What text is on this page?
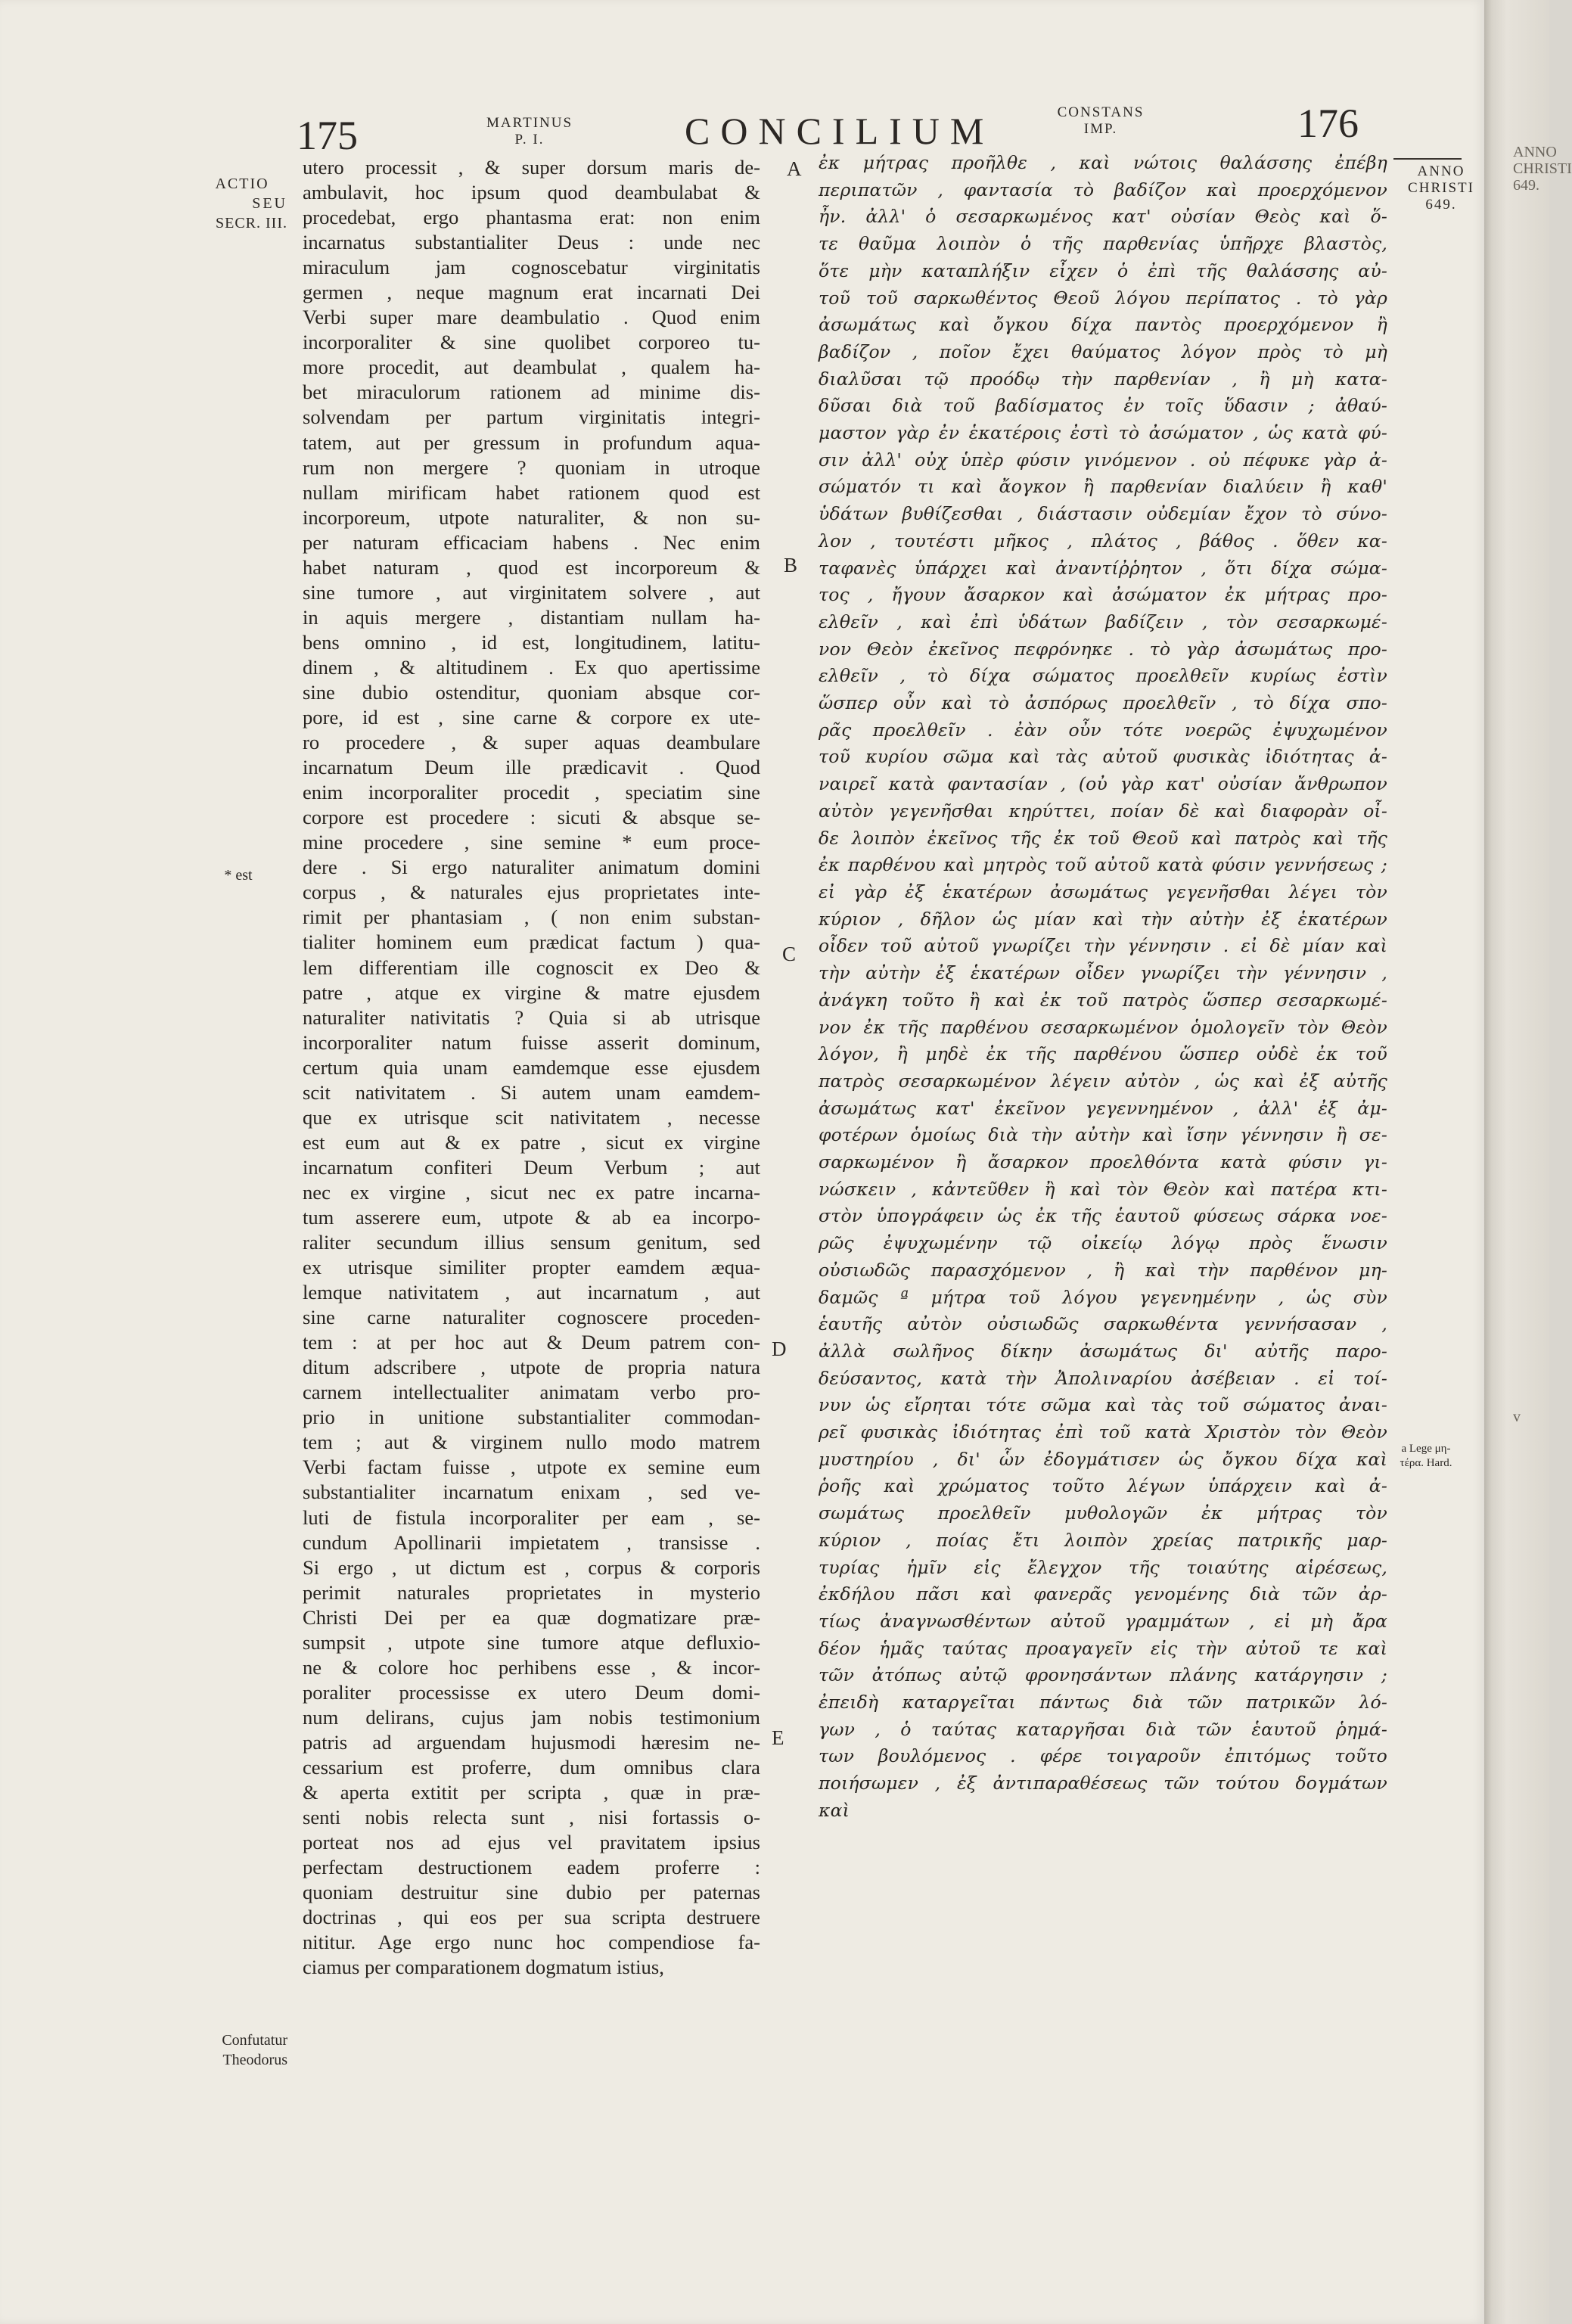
ANNO
CHRISTI
649.
v
175	MARTINUS
P. I.	CONCILIUM	CONSTANS
IMP.	176
ANNO
CHRISTI
649.
ACTIO
SEU
SECR. III.
* est
Confutatur
Theodorus
A
B
C
D
E
a Lege μη-
τέρα. Hard.
utero processit , & super dorsum maris de-
ambulavit, hoc ipsum quod deambulabat &
procedebat, ergo phantasma erat: non enim
incarnatus substantialiter Deus : unde nec
miraculum jam cognoscebatur virginitatis
germen , neque magnum erat incarnati Dei
Verbi super mare deambulatio . Quod enim
incorporaliter & sine quolibet corporeo tu-
more procedit, aut deambulat , qualem ha-
bet miraculorum rationem ad minime dis-
solvendam per partum virginitatis integri-
tatem, aut per gressum in profundum aqua-
rum non mergere ? quoniam in utroque
nullam mirificam habet rationem quod est
incorporeum, utpote naturaliter, & non su-
per naturam efficaciam habens . Nec enim
habet naturam , quod est incorporeum &
sine tumore , aut virginitatem solvere , aut
in aquis mergere , distantiam nullam ha-
bens omnino , id est, longitudinem, latitu-
dinem , & altitudinem . Ex quo apertissime
sine dubio ostenditur, quoniam absque cor-
pore, id est , sine carne & corpore ex ute-
ro procedere , & super aquas deambulare
incarnatum Deum ille prædicavit . Quod
enim incorporaliter procedit , speciatim sine
corpore est procedere : sicuti & absque se-
mine procedere , sine semine * eum proce-
dere . Si ergo naturaliter animatum domini
corpus , & naturales ejus proprietates inte-
rimit per phantasiam , ( non enim substan-
tialiter hominem eum prædicat factum ) qua-
lem differentiam ille cognoscit ex Deo &
patre , atque ex virgine & matre ejusdem
naturaliter nativitatis ? Quia si ab utrisque
incorporaliter natum fuisse asserit dominum,
certum quia unam eamdemque esse ejusdem
scit nativitatem . Si autem unam eamdem-
que ex utrisque scit nativitatem , necesse
est eum aut & ex patre , sicut ex virgine
incarnatum confiteri Deum Verbum ; aut
nec ex virgine , sicut nec ex patre incarna-
tum asserere eum, utpote & ab ea incorpo-
raliter secundum illius sensum genitum, sed
ex utrisque similiter propter eamdem æqua-
lemque nativitatem , aut incarnatum , aut
sine carne naturaliter cognoscere proceden-
tem : at per hoc aut & Deum patrem con-
ditum adscribere , utpote de propria natura
carnem intellectualiter animatam verbo pro-
prio in unitione substantialiter commodan-
tem ; aut & virginem nullo modo matrem
Verbi factam fuisse , utpote ex semine eum
substantialiter incarnatum enixam , sed ve-
luti de fistula incorporaliter per eam , se-
cundum Apollinarii impietatem , transisse .
Si ergo , ut dictum est , corpus & corporis
perimit naturales proprietates in mysterio
Christi Dei per ea quæ dogmatizare præ-
sumpsit , utpote sine tumore atque defluxio-
ne & colore hoc perhibens esse , & incor-
poraliter processisse ex utero Deum domi-
num delirans, cujus jam nobis testimonium
patris ad arguendam hujusmodi hæresim ne-
cessarium est proferre, dum omnibus clara
& aperta extitit per scripta , quæ in præ-
senti nobis relecta sunt , nisi fortassis o-
porteat nos ad ejus vel pravitatem ipsius
perfectam destructionem eadem proferre :
quoniam destruitur sine dubio per paternas
doctrinas , qui eos per sua scripta destruere
nititur. Age ergo nunc hoc compendiose fa-
ciamus per comparationem dogmatum istius,
ἐκ μήτρας προῆλθε , καὶ νώτοις θαλάσσης ἐπέβη
περιπατῶν , φαντασία τὸ βαδίζον καὶ προερχόμενον
ἦν. ἀλλ' ὁ σεσαρκωμένος κατ' οὐσίαν Θεὸς καὶ ὅ-
τε θαῦμα λοιπὸν ὁ τῆς παρθενίας ὑπῆρχε βλαστὸς,
ὅτε μὴν καταπλήξιν εἶχεν ὁ ἐπὶ τῆς θαλάσσης αὐ-
τοῦ τοῦ σαρκωθέντος Θεοῦ λόγου περίπατος . τὸ γὰρ
ἀσωμάτως καὶ ὄγκου δίχα παντὸς προερχόμενον ἢ
βαδίζον , ποῖον ἔχει θαύματος λόγον πρὸς τὸ μὴ
διαλῦσαι τῷ προόδῳ τὴν παρθενίαν , ἢ μὴ κατα-
δῦσαι διὰ τοῦ βαδίσματος ἐν τοῖς ὕδασιν ; ἀθαύ-
μαστον γὰρ ἐν ἑκατέροις ἐστὶ τὸ ἀσώματον , ὡς κατὰ φύ-
σιν ἀλλ' οὐχ ὑπὲρ φύσιν γινόμενον . οὐ πέφυκε γὰρ ἀ-
σώματόν τι καὶ ἄογκον ἢ παρθενίαν διαλύειν ἢ καθ'
ὑδάτων βυθίζεσθαι , διάστασιν οὐδεμίαν ἔχον τὸ σύνο-
λον , τουτέστι μῆκος , πλάτος , βάθος . ὅθεν κα-
ταφανὲς ὑπάρχει καὶ ἀναντίῤῥητον , ὅτι δίχα σώμα-
τος , ἤγουν ἄσαρκον καὶ ἀσώματον ἐκ μήτρας προ-
ελθεῖν , καὶ ἐπὶ ὑδάτων βαδίζειν , τὸν σεσαρκωμέ-
νον Θεὸν ἐκεῖνος πεφρόνηκε . τὸ γὰρ ἀσωμάτως προ-
ελθεῖν , τὸ δίχα σώματος προελθεῖν κυρίως ἐστὶν
ὥσπερ οὖν καὶ τὸ ἀσπόρως προελθεῖν , τὸ δίχα σπο-
ρᾶς προελθεῖν . ἐὰν οὖν τότε νοερῶς ἐψυχωμένον
τοῦ κυρίου σῶμα καὶ τὰς αὐτοῦ φυσικὰς ἰδιότητας ἀ-
ναιρεῖ κατὰ φαντασίαν , (οὐ γὰρ κατ' οὐσίαν ἄνθρωπον
αὐτὸν γεγενῆσθαι κηρύττει, ποίαν δὲ καὶ διαφορὰν οἶ-
δε λοιπὸν ἐκεῖνος τῆς ἐκ τοῦ Θεοῦ καὶ πατρὸς καὶ τῆς
ἐκ παρθένου καὶ μητρὸς τοῦ αὐτοῦ κατὰ φύσιν γεννήσεως ;
εἰ γὰρ ἐξ ἑκατέρων ἀσωμάτως γεγενῆσθαι λέγει τὸν
κύριον , δῆλον ὡς μίαν καὶ τὴν αὐτὴν ἐξ ἑκατέρων
οἶδεν τοῦ αὐτοῦ γνωρίζει τὴν γέννησιν . εἰ δὲ μίαν καὶ
τὴν αὐτὴν ἐξ ἑκατέρων οἶδεν γνωρίζει τὴν γέννησιν ,
ἀνάγκη τοῦτο ἢ καὶ ἐκ τοῦ πατρὸς ὥσπερ σεσαρκωμέ-
νον ἐκ τῆς παρθένου σεσαρκωμένον ὁμολογεῖν τὸν Θεὸν
λόγον, ἢ μηδὲ ἐκ τῆς παρθένου ὥσπερ οὐδὲ ἐκ τοῦ
πατρὸς σεσαρκωμένον λέγειν αὐτὸν , ὡς καὶ ἐξ αὐτῆς
ἀσωμάτως κατ' ἐκεῖνον γεγεννημένον , ἀλλ' ἐξ ἀμ-
φοτέρων ὁμοίως διὰ τὴν αὐτὴν καὶ ἴσην γέννησιν ἢ σε-
σαρκωμένον ἢ ἄσαρκον προελθόντα κατὰ φύσιν γι-
νώσκειν , κἀντεῦθεν ἢ καὶ τὸν Θεὸν καὶ πατέρα κτι-
στὸν ὑπογράφειν ὡς ἐκ τῆς ἑαυτοῦ φύσεως σάρκα νοε-
ρῶς ἐψυχωμένην τῷ οἰκείῳ λόγῳ πρὸς ἕνωσιν
οὐσιωδῶς παρασχόμενον , ἢ καὶ τὴν παρθένον μη-
δαμῶς ª μήτρα τοῦ λόγου γεγενημένην , ὡς σὺν
ἑαυτῆς αὐτὸν οὐσιωδῶς σαρκωθέντα γεννήσασαν ,
ἀλλὰ σωλῆνος δίκην ἀσωμάτως δι' αὐτῆς παρο-
δεύσαντος, κατὰ τὴν Ἀπολιναρίου ἀσέβειαν . εἰ τοί-
νυν ὡς εἴρηται τότε σῶμα καὶ τὰς τοῦ σώματος ἀναι-
ρεῖ φυσικὰς ἰδιότητας ἐπὶ τοῦ κατὰ Χριστὸν τὸν Θεὸν
μυστηρίου , δι' ὧν ἐδογμάτισεν ὡς ὄγκου δίχα καὶ
ῥοῆς καὶ χρώματος τοῦτο λέγων ὑπάρχειν καὶ ἀ-
σωμάτως προελθεῖν μυθολογῶν ἐκ μήτρας τὸν
κύριον , ποίας ἔτι λοιπὸν χρείας πατρικῆς μαρ-
τυρίας ἡμῖν εἰς ἔλεγχον τῆς τοιαύτης αἱρέσεως,
ἐκδήλου πᾶσι καὶ φανερᾶς γενομένης διὰ τῶν ἀρ-
τίως ἀναγνωσθέντων αὐτοῦ γραμμάτων , εἰ μὴ ἄρα
δέον ἡμᾶς ταύτας προαγαγεῖν εἰς τὴν αὐτοῦ τε καὶ
τῶν ἀτόπως αὐτῷ φρονησάντων πλάνης κατάργησιν ;
ἐπειδὴ καταργεῖται πάντως διὰ τῶν πατρικῶν λό-
γων , ὁ ταύτας καταργῆσαι διὰ τῶν ἑαυτοῦ ῥημά-
των βουλόμενος . φέρε τοιγαροῦν ἐπιτόμως τοῦτο
ποιήσωμεν , ἐξ ἀντιπαραθέσεως τῶν τούτου δογμάτων
καὶ
